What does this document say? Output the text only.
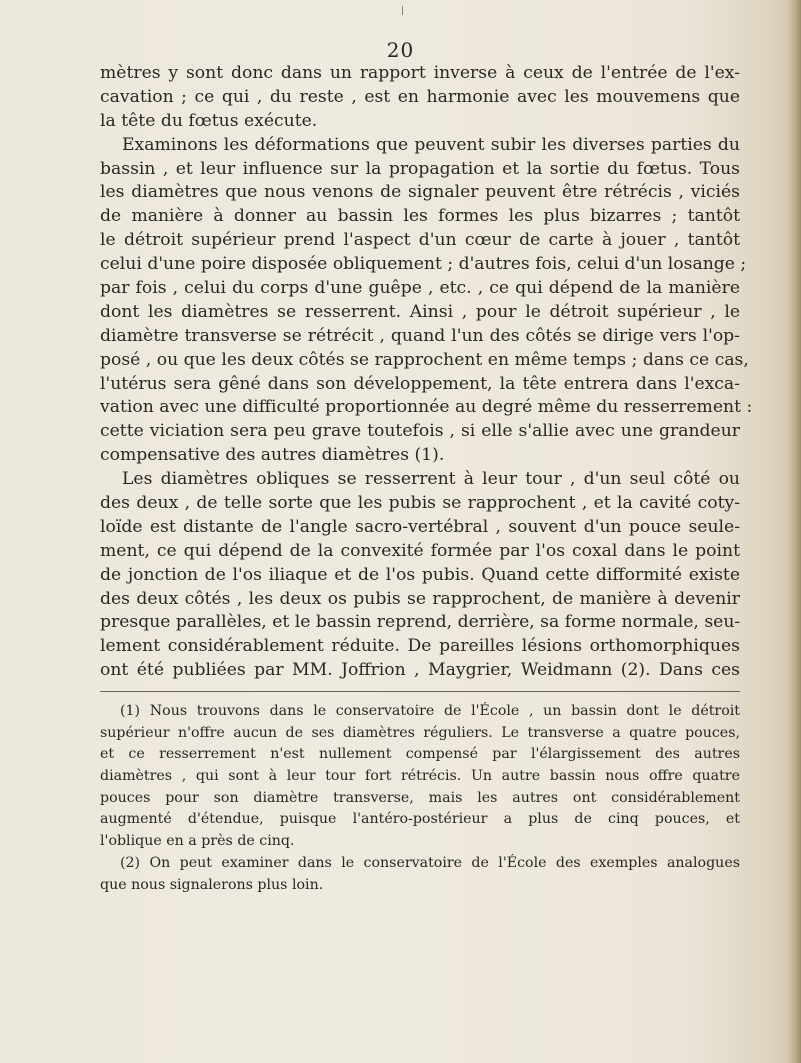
20
mètres y sont donc dans un rapport inverse à ceux de l'entrée de l'ex-
cavation ; ce qui , du reste , est en harmonie avec les mouvemens que
la tête du fœtus exécute.
Examinons les déformations que peuvent subir les diverses parties du
bassin , et leur influence sur la propagation et la sortie du fœtus. Tous
les diamètres que nous venons de signaler peuvent être rétrécis , viciés
de manière à donner au bassin les formes les plus bizarres ; tantôt
le détroit supérieur prend l'aspect d'un cœur de carte à jouer , tantôt
celui d'une poire disposée obliquement ; d'autres fois, celui d'un losange ;
par fois , celui du corps d'une guêpe , etc. , ce qui dépend de la manière
dont les diamètres se resserrent. Ainsi , pour le détroit supérieur , le
diamètre transverse se rétrécit , quand l'un des côtés se dirige vers l'op-
posé , ou que les deux côtés se rapprochent en même temps ; dans ce cas,
l'utérus sera gêné dans son développement, la tête entrera dans l'exca-
vation avec une difficulté proportionnée au degré même du resserrement :
cette viciation sera peu grave toutefois , si elle s'allie avec une grandeur
compensative des autres diamètres (1).
Les diamètres obliques se resserrent à leur tour , d'un seul côté ou
des deux , de telle sorte que les pubis se rapprochent , et la cavité coty-
loïde est distante de l'angle sacro-vertébral , souvent d'un pouce seule-
ment, ce qui dépend de la convexité formée par l'os coxal dans le point
de jonction de l'os iliaque et de l'os pubis. Quand cette difformité existe
des deux côtés , les deux os pubis se rapprochent, de manière à devenir
presque parallèles, et le bassin reprend, derrière, sa forme normale, seu-
lement considérablement réduite. De pareilles lésions orthomorphiques
ont été publiées par MM. Joffrion , Maygrier, Weidmann (2). Dans ces
(1) Nous trouvons dans le conservatoire de l'École , un bassin dont le détroit
supérieur n'offre aucun de ses diamètres réguliers. Le transverse a quatre pouces,
et ce resserrement n'est nullement compensé par l'élargissement des autres
diamètres , qui sont à leur tour fort rétrécis. Un autre bassin nous offre quatre
pouces pour son diamètre transverse, mais les autres ont considérablement
augmenté d'étendue, puisque l'antéro-postérieur a plus de cinq pouces, et
l'oblique en a près de cinq.
(2) On peut examiner dans le conservatoire de l'École des exemples analogues
que nous signalerons plus loin.
